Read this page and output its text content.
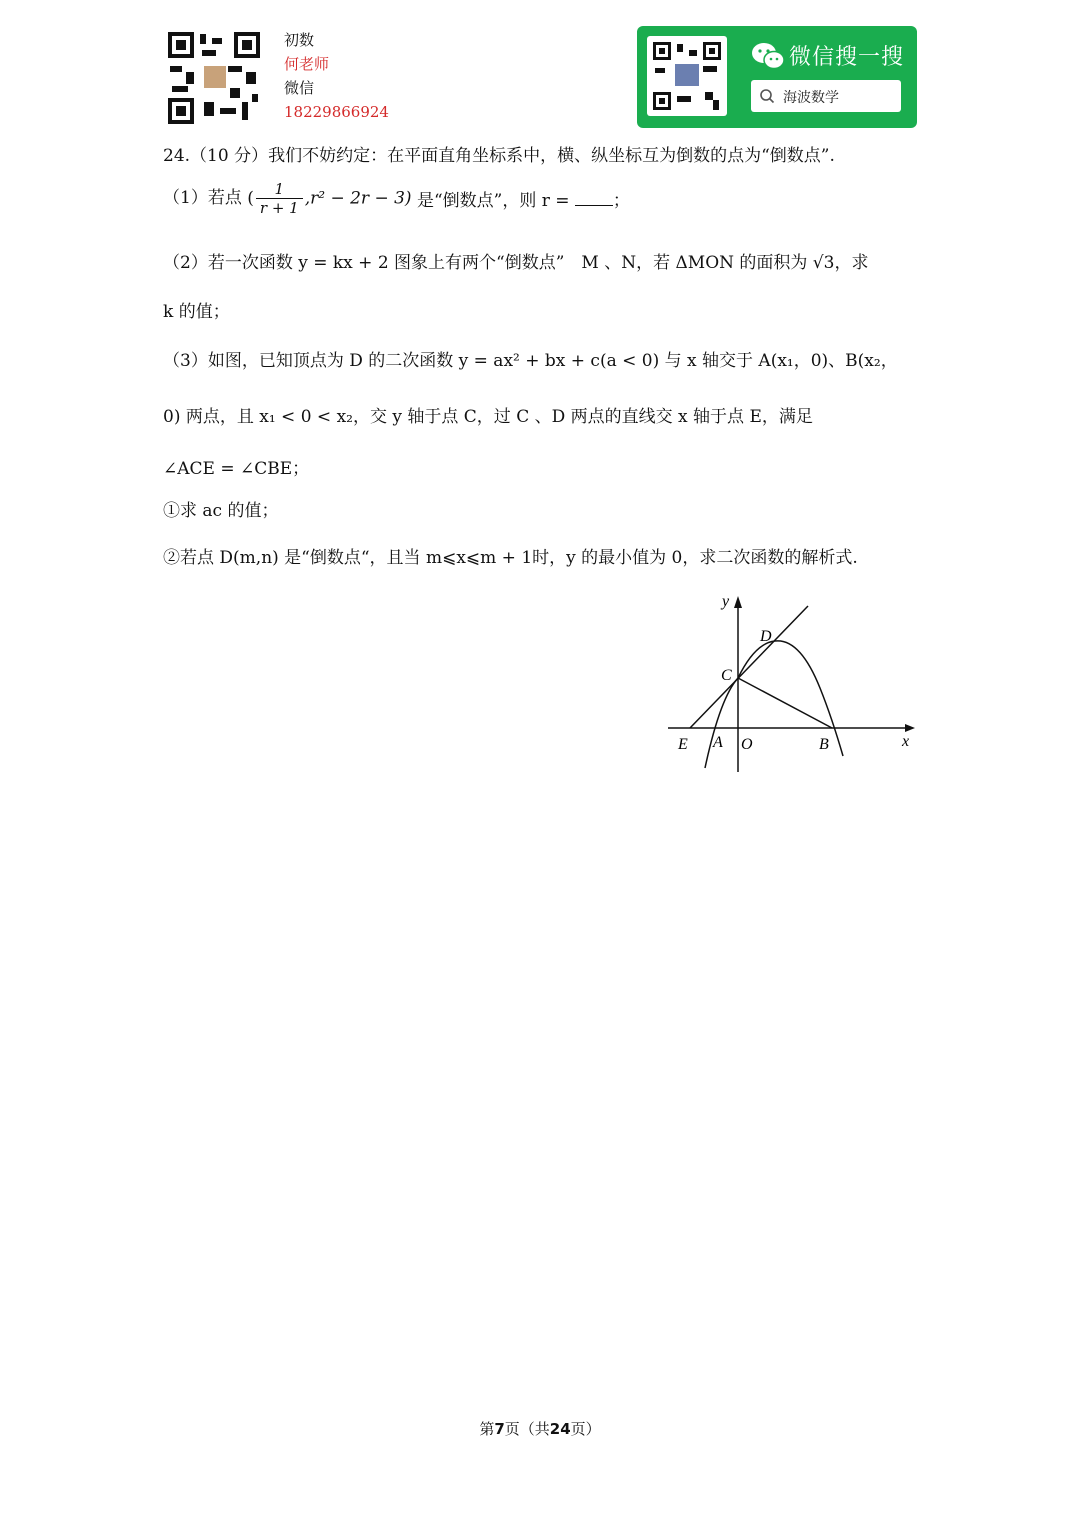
初数
何老师
微信
18229866924
微信搜一搜
海波数学
24.（10 分）我们不妨约定：在平面直角坐标系中，横、纵坐标互为倒数的点为“倒数点”.
（1）若点 ( $\frac{1}{r + 1} ,r^2 - 2r - 3$) 是“倒数点”，则 r =	；
（2）若一次函数 y = kx + 2 图象上有两个“倒数点”　M 、N，若 ΔMON 的面积为 √3，求
k 的值；
（3）如图，已知顶点为 D 的二次函数 y = ax² + bx + c(a < 0) 与 x 轴交于 A(x₁，0)、B(x₂，
0) 两点，且 x₁ < 0 < x₂，交 y 轴于点 C，过 C 、D 两点的直线交 x 轴于点 E，满足
∠ACE = ∠CBE；
①求 ac 的值；
②若点 D(m,n) 是“倒数点“，且当 m⩽x⩽m + 1时，y 的最小值为 0，求二次函数的解析式.
y
x
D
C
E A O	B
第7页（共24页）
